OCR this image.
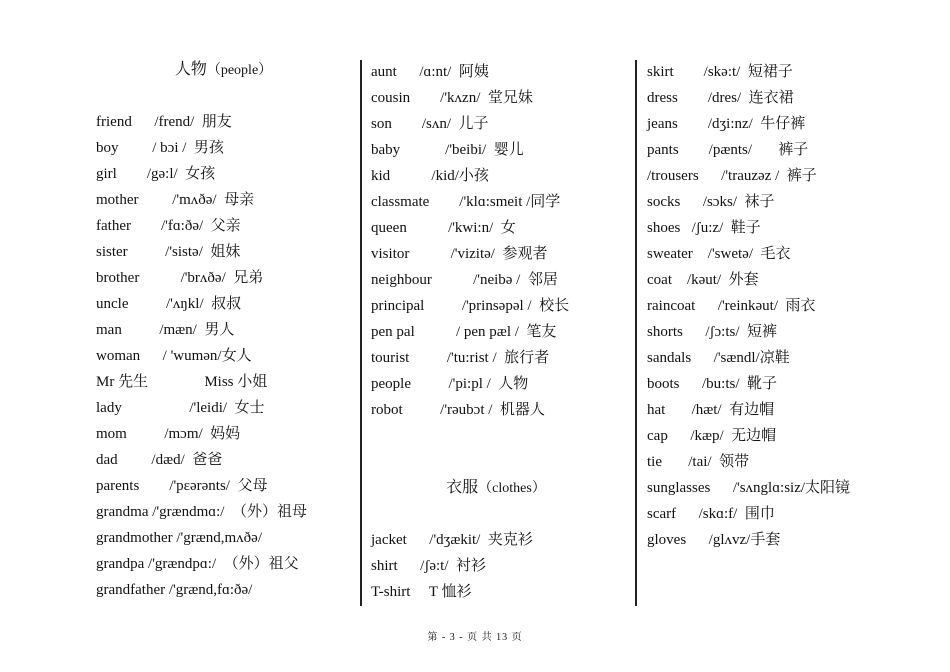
人物（people）
friend      /frend/  朋友
boy         / bɔi /  男孩
girl        /gə:l/  女孩
mother         /'mʌðə/  母亲
father        /'fɑ:ðə/  父亲
sister          /'sistə/  姐妹
brother           /'brʌðə/  兄弟
uncle          /'ʌŋkl/  叔叔
man          /mæn/  男人
woman      / 'wumən/女人
Mr 先生               Miss 小姐
lady                  /'leidi/  女士
mom          /mɔm/  妈妈
dad         /dæd/  爸爸
parents        /'pɛərənts/  父母
grandma /'grændmɑ:/  （外）祖母
grandmother /'grænd,mʌðə/
grandpa /'grændpɑ:/  （外）祖父
grandfather /'grænd,fɑ:ðə/
aunt      /ɑ:nt/  阿姨
cousin        /'kʌzn/  堂兄妹
son        /sʌn/  儿子
baby            /'beibi/  婴儿
kid           /kid/小孩
classmate        /'klɑ:smeit /同学
queen           /'kwi:n/  女
visitor           /'vizitə/  参观者
neighbour           /'neibə /  邻居
principal          /'prinsəpəl /  校长
pen pal           / pen pæl /  笔友
tourist          /'tu:rist /  旅行者
people          /'pi:pl /  人物
robot          /'rəubɔt /  机器人
衣服（clothes）
jacket      /'dʒækit/  夹克衫
shirt      /ʃə:t/  衬衫
T-shirt     T 恤衫
skirt        /skə:t/  短裙子
dress        /dres/  连衣裙
jeans        /dʒi:nz/  牛仔裤
pants        /pænts/       裤子
/trousers      /'trauzəz /  裤子
socks      /sɔks/  袜子
shoes   /ʃu:z/  鞋子
sweater    /'swetə/  毛衣
coat    /kəut/  外套
raincoat      /'reinkəut/  雨衣
shorts      /ʃɔ:ts/  短裤
sandals      /'sændl/凉鞋
boots      /bu:ts/  靴子
hat       /hæt/  有边帽
cap      /kæp/  无边帽
tie       /tai/  领带
sunglasses      /'sʌnglɑ:siz/太阳镜
scarf      /skɑ:f/  围巾
gloves      /glʌvz/手套
第 - 3 - 页 共 13 页
